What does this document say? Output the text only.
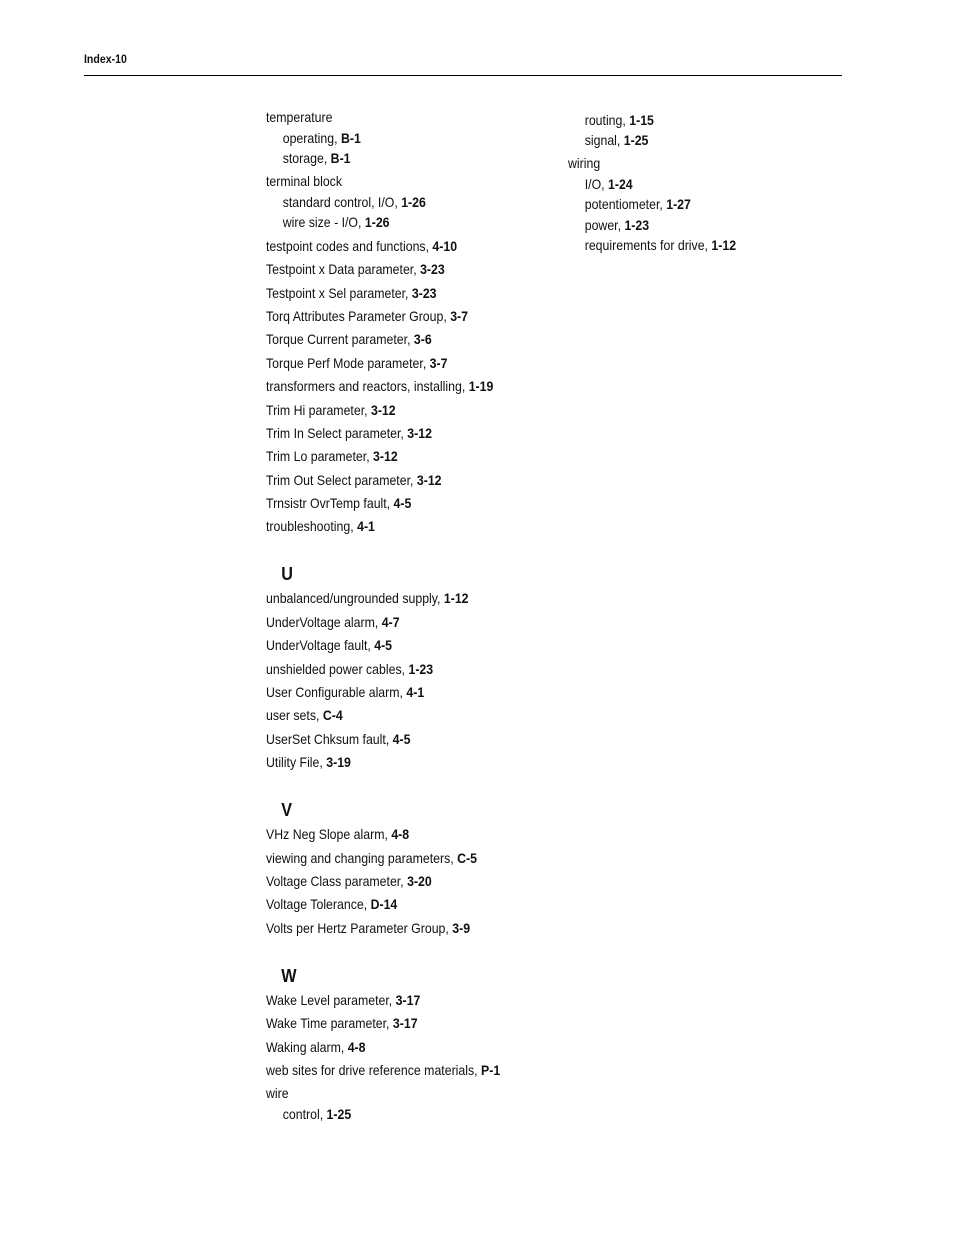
Index-10
temperature
operating, B-1
storage, B-1
terminal block
standard control, I/O, 1-26
wire size - I/O, 1-26
testpoint codes and functions, 4-10
Testpoint x Data parameter, 3-23
Testpoint x Sel parameter, 3-23
Torq Attributes Parameter Group, 3-7
Torque Current parameter, 3-6
Torque Perf Mode parameter, 3-7
transformers and reactors, installing, 1-19
Trim Hi parameter, 3-12
Trim In Select parameter, 3-12
Trim Lo parameter, 3-12
Trim Out Select parameter, 3-12
Trnsistr OvrTemp fault, 4-5
troubleshooting, 4-1
U
unbalanced/ungrounded supply, 1-12
UnderVoltage alarm, 4-7
UnderVoltage fault, 4-5
unshielded power cables, 1-23
User Configurable alarm, 4-1
user sets, C-4
UserSet Chksum fault, 4-5
Utility File, 3-19
V
VHz Neg Slope alarm, 4-8
viewing and changing parameters, C-5
Voltage Class parameter, 3-20
Voltage Tolerance, D-14
Volts per Hertz Parameter Group, 3-9
W
Wake Level parameter, 3-17
Wake Time parameter, 3-17
Waking alarm, 4-8
web sites for drive reference materials, P-1
wire
control, 1-25
routing, 1-15
signal, 1-25
wiring
I/O, 1-24
potentiometer, 1-27
power, 1-23
requirements for drive, 1-12
